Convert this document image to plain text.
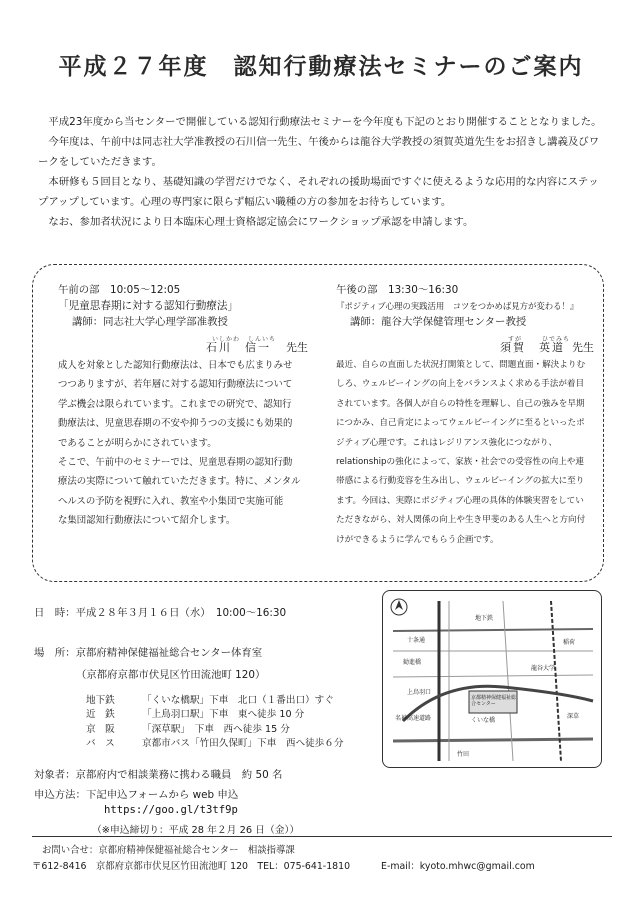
平成２７年度　認知行動療法セミナーのご案内

平成23年度から当センターで開催している認知行動療法セミナーを今年度も下記のとおり開催することとなりました。

今年度は、午前中は同志社大学准教授の石川信一先生、午後からは龍谷大学教授の須賀英道先生をお招きし講義及びワークをしていただきます。

本研修も５回目となり、基礎知識の学習だけでなく、それぞれの援助場面ですぐに使えるような応用的な内容にステップアップしています。心理の専門家に限らず幅広い職種の方の参加をお待ちしています。

なお、参加者状況により日本臨床心理士資格認定協会にワークショップ承認を申請します。

午前の部　10:05～12:05
「児童思春期に対する認知行動療法」
講師：同志社大学心理学部准教授
いしかわ しんいち
石川　信一 先生
成人を対象とした認知行動療法は、日本でも広まりみせ
つつありますが、若年層に対する認知行動療法について
学ぶ機会は限られています。これまでの研究で、認知行
動療法は、児童思春期の不安や抑うつの支援にも効果的
であることが明らかにされています。
そこで、午前中のセミナーでは、児童思春期の認知行動
療法の実際について触れていただきます。特に、メンタル
ヘルスの予防を視野に入れ、教室や小集団で実施可能
な集団認知行動療法について紹介します。
午後の部　13:30～16:30
『ポジティブ心理の実践活用　コツをつかめば見方が変わる！』
講師：龍谷大学保健管理センター教授
すが	ひでみち
須賀　英道 先生
最近、自らの直面した状況打開策として、問題直面・解決よりむ
しろ、ウェルビーイングの向上をバランスよく求める手法が着目
されています。各個人が自らの特性を理解し、自己の強みを早期
につかみ、自己肯定によってウェルビーイングに至るといったポ
ジティブ心理です。これはレジリアンス強化につながり、
relationshipの強化によって、家族・社会での受容性の向上や連
帯感による行動変容を生み出し、ウェルビーイングの拡大に至り
ます。今回は、実際にポジティブ心理の具体的体験実習をしてい
ただきながら、対人関係の向上や生き甲斐のある人生へと方向付
けができるように学んでもらう企画です。
日　時：平成２８年３月１６日（水）　10:00～16:30
場　所：京都府精神保健福祉総合センター体育室
（京都府京都市伏見区竹田流池町 120）
地下鉄	「くいな橋駅」下車　北口（１番出口）すぐ
近　鉄	「上鳥羽口駅」下車　東へ徒歩 10 分
京　阪	「深草駅」　下車　西へ徒歩 15 分
バ　ス	京都市バス「竹田久保町」下車　西へ徒歩６分
対象者：京都府内で相談業務に携わる職員　約 50 名
申込方法：下記申込フォームから web 申込
https://goo.gl/t3tf9p
（※申込締切り：平成 28 年２月 26 日（金））
十条通
名神高速道路
京都精神保健福祉総合センター
くいな橋
竹田
上鳥羽口
深草
龍谷大学
稲荷
勧進橋
地下鉄
お問い合せ：京都府精神保健福祉総合センター　相談指導課
〒612-8416　京都府京都市伏見区竹田流池町 120　TEL：075-641-1810	E-mail：kyoto.mhwc@gmail.com
